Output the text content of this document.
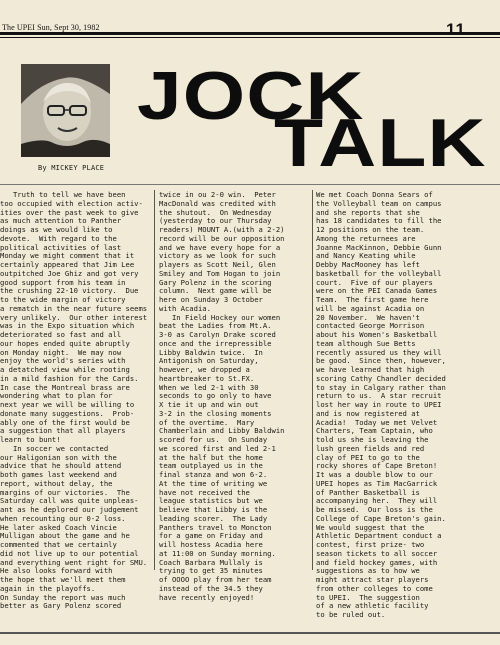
The UPEI Sun, Sept 30, 1982	11
JOCK
TALK
By MICKEY PLACE

Truth to tell we have been

too occupied with election activ-

ities over the past week to give

as much attention to Panther

doings as we would like to

devote.  With regard to the

political activities of last

Monday we might comment that it

certainly appeared that Jim Lee

outpitched Joe Ghiz and got very

good support from his team in

the crushing 22-10 victory.  Due

to the wide margin of victory

a rematch in the near future seems

very unlikely.  Our other interest

was in the Expo situation which

deteriorated so fast and all

our hopes ended quite abruptly

on Monday night.  We may now

enjoy the world's series with

a detatched view while rooting

in a mild fashion for the Cards.

In case the Montreal brass are

wondering what to plan for

next year we will be willing to

donate many suggestions.  Prob-

ably one of the first would be

a suggestion that all players

learn to bunt!

In soccer we contacted

our Haligonian son with the

advice that he should attend

both games last weekend and

report, without delay, the

margins of our victories.  The

Saturday call was quite unpleas-

ant as he deplored our judgement

when recounting our 0-2 loss.

He later asked Coach Vincie

Mulligan about the game and he

commented that we certainly

did not live up to our potential

and everything went right for SMU.

He also looks forward with

the hope that we'll meet them

again in the playoffs.

On Sunday the report was much

better as Gary Polenz scored

twice in ou 2-0 win.  Peter

MacDonald was credited with

the shutout.  On Wednesday

(yesterday to our Thursday

readers) MOUNT A.(with a 2-2)

record will be our opposition

and we have every hope for a

victory as we look for such

players as Scott Neil, Glen

Smiley and Tom Hogan to join

Gary Polenz in the scoring

column.  Next game will be

here on Sunday 3 October

with Acadia.

In Field Hockey our women

beat the Ladies from Mt.A.

3-0 as Carolyn Drake scored

once and the irrepressible

Libby Baldwin twice.  In

Antigonish on Saturday,

however, we dropped a

heartbreaker to St.FX.

When we led 2-1 with 30

seconds to go only to have

X tie it up and win out

3-2 in the closing moments

of the overtime.  Mary

Chamberlain and Libby Baldwin

scored for us.  On Sunday

we scored first and led 2-1

at the half but the home

team outplayed us in the

final stanza and won 6-2.

At the time of writing we

have not received the

league statistics but we

believe that Libby is the

leading scorer.  The Lady

Panthers travel to Moncton

for a game on Friday and

will hostess Acadia here

at 11:00 on Sunday morning.

Coach Barbara Mullaly is

trying to get 35 minutes

of OOOO play from her team

instead of the 34.5 they

have recently enjoyed!

We met Coach Donna Sears of

the Volleyball team on campus

and she reports that she

has 18 candidates to fill the

12 positions on the team.

Among the returnees are

Joanne MacKinnon, Debbie Gunn

and Nancy Keating while

Debby MacMooney has left

basketball for the volleyball

court.  Five of our players

were on the PEI Canada Games

Team.  The first game here

will be against Acadia on

20 November.  We haven't

contacted George Morrison

about his Women's Basketball

team although Sue Betts

recently assured us they will

be good.  Since then, however,

we have learned that high

scoring Cathy Chandler decided

to stay in Calgary rather than

return to us.  A star recruit

lost her way in route to UPEI

and is now registered at

Acadia!  Today we met Velvet

Charters, Team Captain, who

told us she is leaving the

lush green fields and red

clay of PEI to go to the

rocky shores of Cape Breton!

It was a double blow to our

UPEI hopes as Tim MacGarrick

of Panther Basketball is

accompanying her.  They will

be missed.  Our loss is the

College of Cape Breton's gain.

We would suggest that the

Athletic Department conduct a

contest, first prize- two

season tickets to all soccer

and field hockey games, with

suggestions as to how we

might attract star players

from other colleges to come

to UPEI.  The suggestion

of a new athletic facility

to be ruled out.
